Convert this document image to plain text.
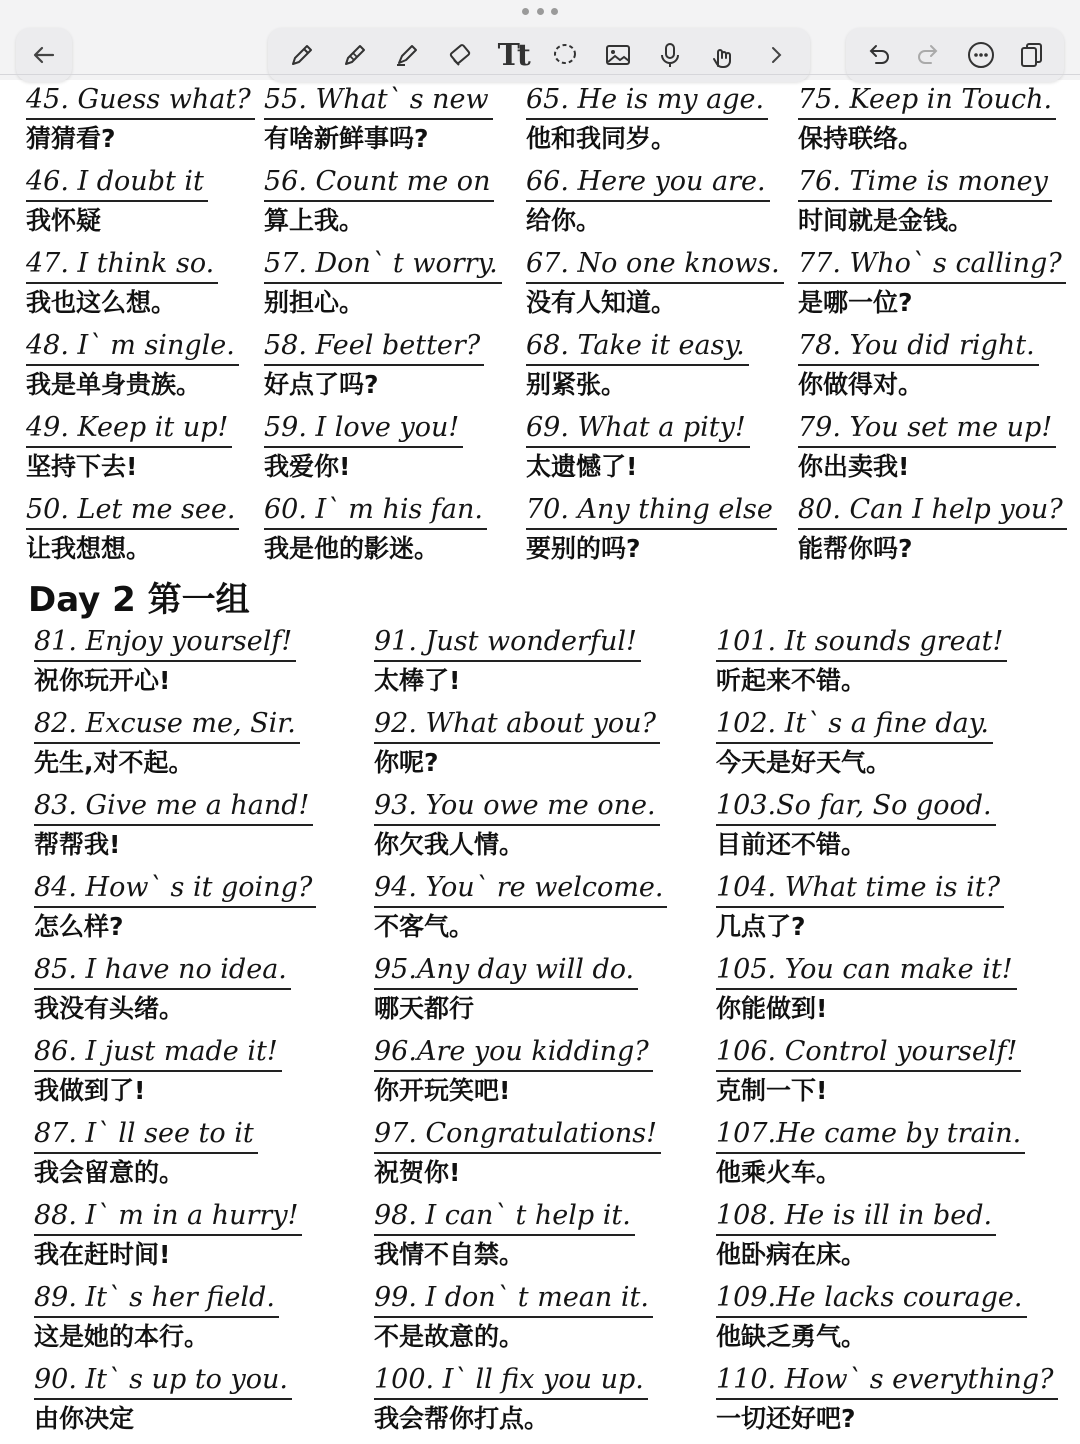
Tt
45. Guess what?
猜猜看?
46. I doubt it
我怀疑
47. I think so.
我也这么想。
48. I` m single.
我是单身贵族。
49. Keep it up!
坚持下去!
50. Let me see.
让我想想。
55. What` s new
有啥新鲜事吗?
56. Count me on
算上我。
57. Don` t worry.
别担心。
58. Feel better?
好点了吗?
59. I love you!
我爱你!
60. I` m his fan.
我是他的影迷。
65. He is my age.
他和我同岁。
66. Here you are.
给你。
67. No one knows.
没有人知道。
68. Take it easy.
别紧张。
69. What a pity!
太遗憾了!
70. Any thing else
要别的吗?
75. Keep in Touch.
保持联络。
76. Time is money
时间就是金钱。
77. Who` s calling?
是哪一位?
78. You did right.
你做得对。
79. You set me up!
你出卖我!
80. Can I help you?
能帮你吗?
Day 2 第一组
81. Enjoy yourself!
祝你玩开心!
82. Excuse me, Sir.
先生,对不起。
83. Give me a hand!
帮帮我!
84. How` s it going?
怎么样?
85. I have no idea.
我没有头绪。
86. I just made it!
我做到了!
87. I` ll see to it
我会留意的。
88. I` m in a hurry!
我在赶时间!
89. It` s her field.
这是她的本行。
90. It` s up to you.
由你决定
91. Just wonderful!
太棒了!
92. What about you?
你呢?
93. You owe me one.
你欠我人情。
94. You` re welcome.
不客气。
95.Any day will do.
哪天都行
96.Are you kidding?
你开玩笑吧!
97. Congratulations!
祝贺你!
98. I can` t help it.
我情不自禁。
99. I don` t mean it.
不是故意的。
100. I` ll fix you up.
我会帮你打点。
101. It sounds great!
听起来不错。
102. It` s a fine day.
今天是好天气。
103.So far, So good.
目前还不错。
104. What time is it?
几点了?
105. You can make it!
你能做到!
106. Control yourself!
克制一下!
107.He came by train.
他乘火车。
108. He is ill in bed.
他卧病在床。
109.He lacks courage.
他缺乏勇气。
110. How` s everything?
一切还好吧?
